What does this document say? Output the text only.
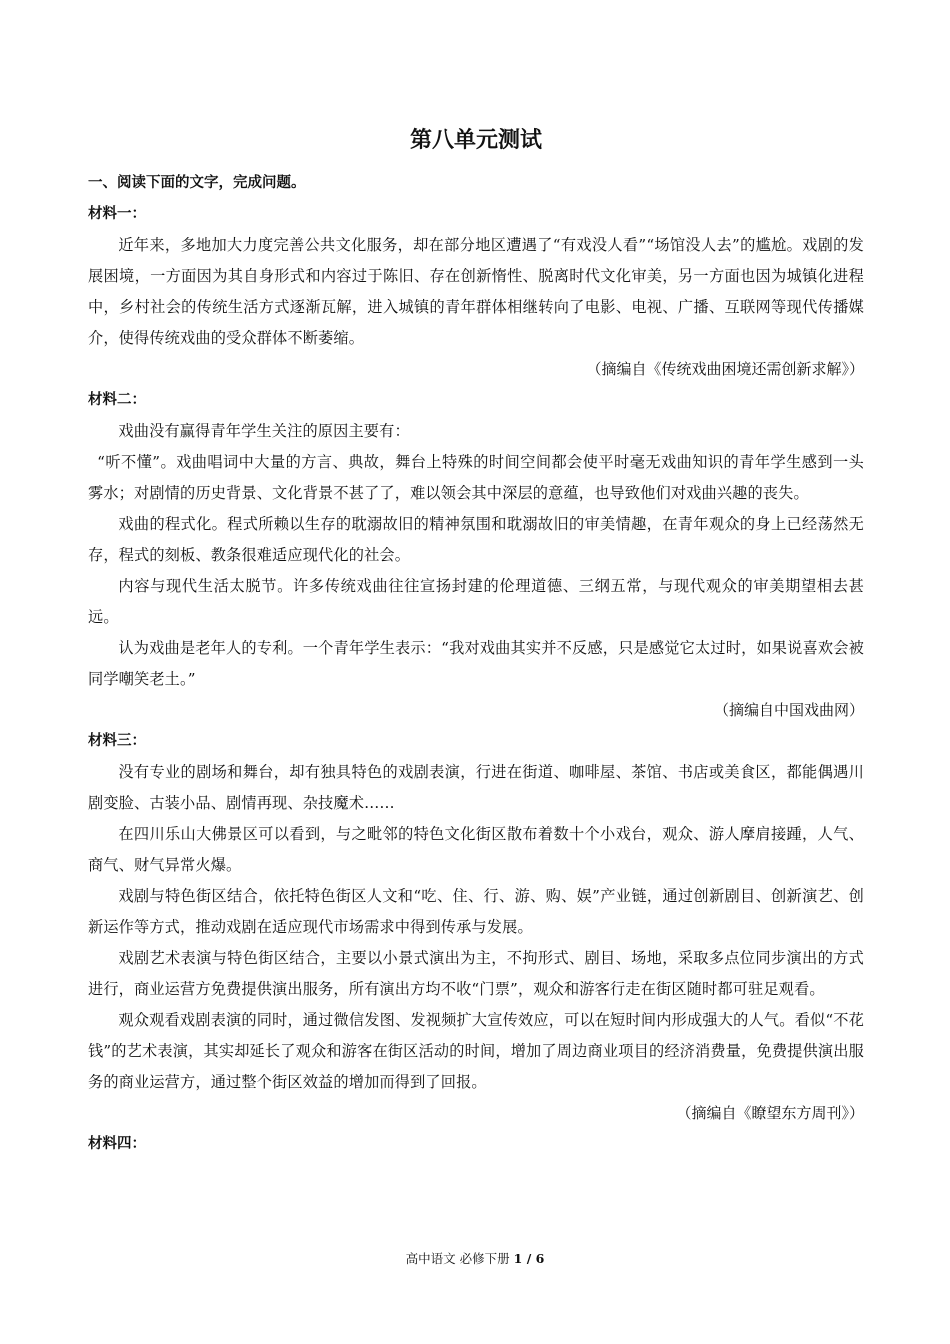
第八单元测试

一、阅读下面的文字，完成问题。

材料一：

近年来，多地加大力度完善公共文化服务，却在部分地区遭遇了“有戏没人看”“场馆没人去”的尴尬。戏剧的发展困境，一方面因为其自身形式和内容过于陈旧、存在创新惰性、脱离时代文化审美，另一方面也因为城镇化进程中，乡村社会的传统生活方式逐渐瓦解，进入城镇的青年群体相继转向了电影、电视、广播、互联网等现代传播媒介，使得传统戏曲的受众群体不断萎缩。

（摘编自《传统戏曲困境还需创新求解》）

材料二：

戏曲没有赢得青年学生关注的原因主要有：

“听不懂”。戏曲唱词中大量的方言、典故，舞台上特殊的时间空间都会使平时毫无戏曲知识的青年学生感到一头雾水；对剧情的历史背景、文化背景不甚了了，难以领会其中深层的意蕴，也导致他们对戏曲兴趣的丧失。

戏曲的程式化。程式所赖以生存的耽溺故旧的精神氛围和耽溺故旧的审美情趣，在青年观众的身上已经荡然无存，程式的刻板、教条很难适应现代化的社会。

内容与现代生活太脱节。许多传统戏曲往往宣扬封建的伦理道德、三纲五常，与现代观众的审美期望相去甚远。

认为戏曲是老年人的专利。一个青年学生表示：“我对戏曲其实并不反感，只是感觉它太过时，如果说喜欢会被同学嘲笑老土。”

（摘编自中国戏曲网）

材料三：

没有专业的剧场和舞台，却有独具特色的戏剧表演，行进在街道、咖啡屋、茶馆、书店或美食区，都能偶遇川剧变脸、古装小品、剧情再现、杂技魔术……

在四川乐山大佛景区可以看到，与之毗邻的特色文化街区散布着数十个小戏台，观众、游人摩肩接踵，人气、商气、财气异常火爆。

戏剧与特色街区结合，依托特色街区人文和“吃、住、行、游、购、娱”产业链，通过创新剧目、创新演艺、创新运作等方式，推动戏剧在适应现代市场需求中得到传承与发展。

戏剧艺术表演与特色街区结合，主要以小景式演出为主，不拘形式、剧目、场地，采取多点位同步演出的方式进行，商业运营方免费提供演出服务，所有演出方均不收“门票”，观众和游客行走在街区随时都可驻足观看。

观众观看戏剧表演的同时，通过微信发图、发视频扩大宣传效应，可以在短时间内形成强大的人气。看似“不花钱”的艺术表演，其实却延长了观众和游客在街区活动的时间，增加了周边商业项目的经济消费量，免费提供演出服务的商业运营方，通过整个街区效益的增加而得到了回报。

（摘编自《瞭望东方周刊》）

材料四：

高中语文 必修下册 1 / 6
